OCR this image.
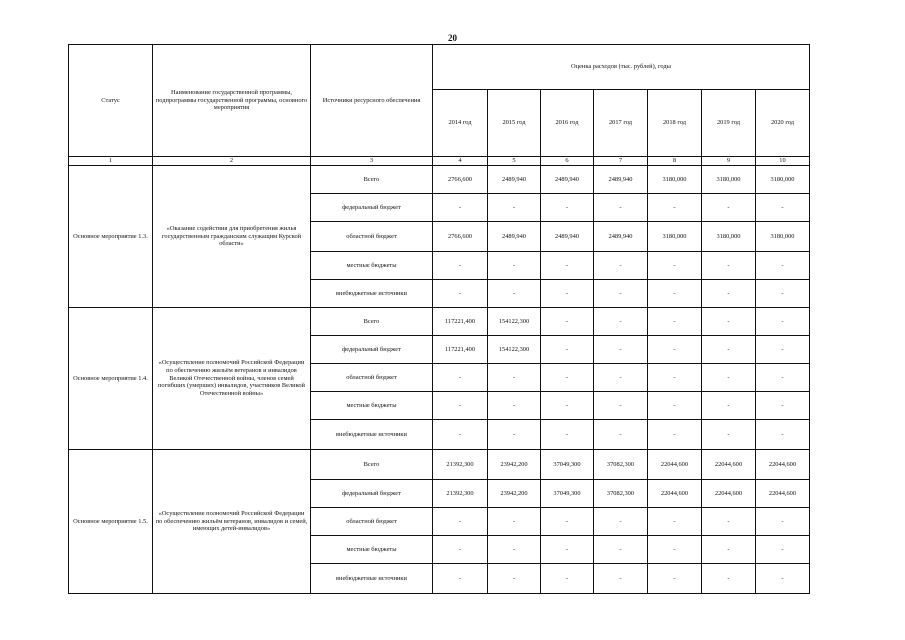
20
Статус	Наименование государственной программы, подпрограммы государственной программы, основного мероприятия	Источники ресурсного обеспечения	Оценка расходов (тыс. рублей), годы						
			2014 год	2015 год	2016 год	2017 год	2018 год	2019 год	2020 год
1	2	3	4	5	6	7	8	9	10
Основное мероприятие 1.3.	«Оказание содействия для приобретения жилья государственным гражданским служащим Курской области»	Всего	2766,600	2489,940	2489,940	2489,940	3180,000	3180,000	3180,000
		федеральный бюджет	-	-	-	-	-	-	-
		областной бюджет	2766,600	2489,940	2489,940	2489,940	3180,000	3180,000	3180,000
		местные бюджеты	-	-	-	-	-	-	-
		внебюджетные источники	-	-	-	-	-	-	-
Основное мероприятие 1.4.	«Осуществление полномочий Российской Федерации по обеспечению жильём ветеранов и инвалидов Великой Отечественной войны, членов семей погибших (умерших) инвалидов, участников Великой Отечественной войны»	Всего	117221,400	154122,300	-	-	-	-	-
		федеральный бюджет	117221,400	154122,300	-	-	-	-	-
		областной бюджет	-	-	-	-	-	-	-
		местные бюджеты	-	-	-	-	-	-	-
		внебюджетные источники	-	-	-	-	-	-	-
Основное мероприятие 1.5.	«Осуществление полномочий Российской Федерации по обеспечению жильём ветеранов, инвалидов и семей, имеющих детей-инвалидов»	Всего	21392,300	23942,200	37049,300	37082,300	22044,600	22044,600	22044,600
		федеральный бюджет	21392,300	23942,200	37049,300	37082,300	22044,600	22044,600	22044,600
		областной бюджет	-	-	-	-	-	-	-
		местные бюджеты	-	-	-	-	-	-	-
		внебюджетные источники	-	-	-	-	-	-	-
